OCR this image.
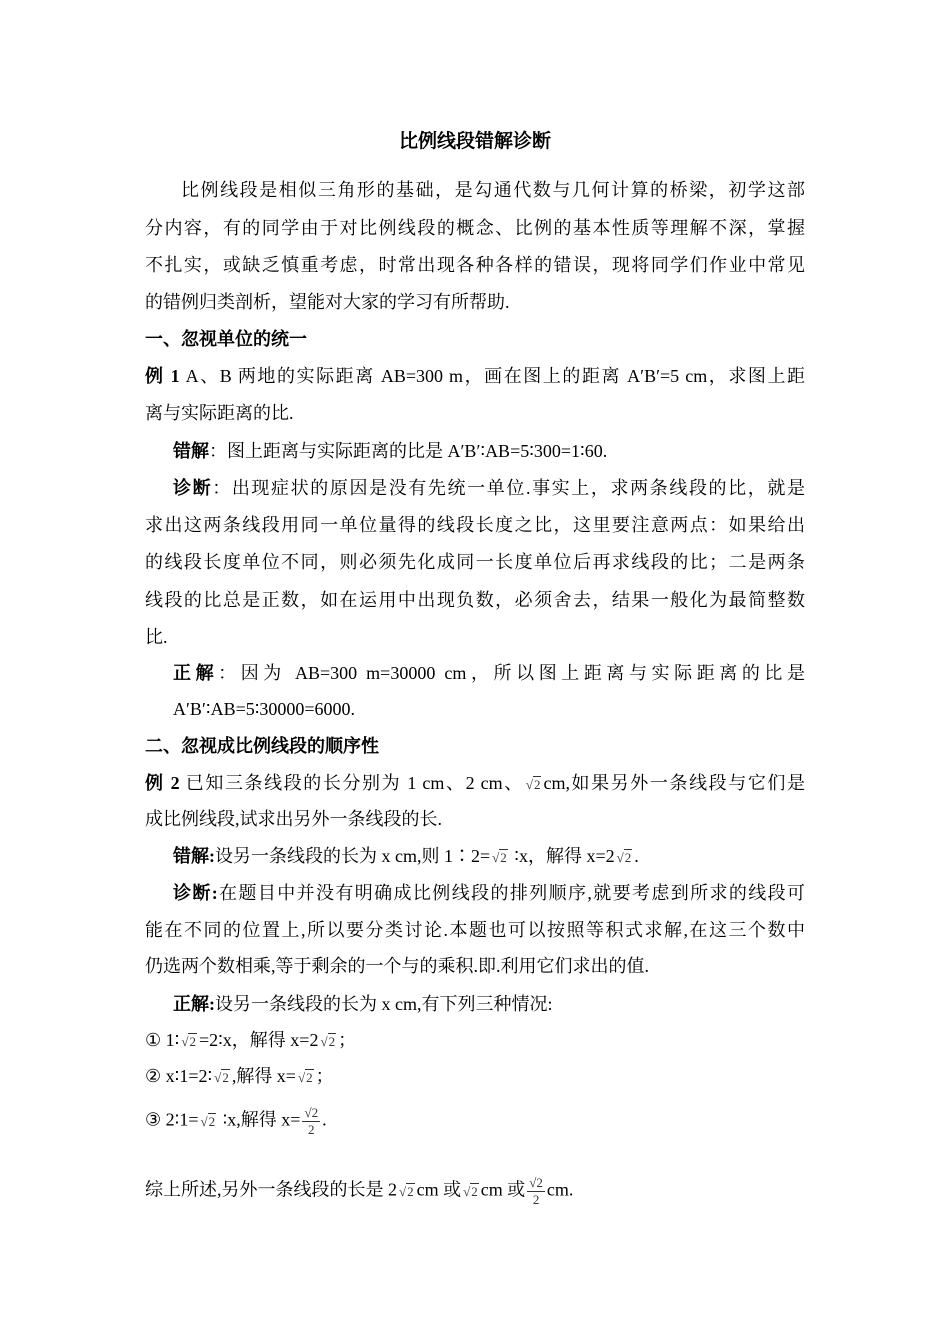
比例线段错解诊断
比例线段是相似三角形的基础，是勾通代数与几何计算的桥梁，初学这部
分内容，有的同学由于对比例线段的概念、比例的基本性质等理解不深，掌握
不扎实，或缺乏慎重考虑，时常出现各种各样的错误，现将同学们作业中常见
的错例归类剖析，望能对大家的学习有所帮助.
一、忽视单位的统一
例 1 A、B 两地的实际距离 AB=300 m，画在图上的距离 A′B′=5 cm，求图上距
离与实际距离的比.
错解：图上距离与实际距离的比是 A′B′∶AB=5∶300=1∶60.
诊断：出现症状的原因是没有先统一单位.事实上，求两条线段的比，就是
求出这两条线段用同一单位量得的线段长度之比，这里要注意两点：如果给出
的线段长度单位不同，则必须先化成同一长度单位后再求线段的比；二是两条
线段的比总是正数，如在运用中出现负数，必须舍去，结果一般化为最简整数
比.
正解：因为 AB=300 m=30000 cm，所以图上距离与实际距离的比是
A′B′∶AB=5∶30000=6000.
二、忽视成比例线段的顺序性
例 2 已知三条线段的长分别为 1 cm、2 cm、 √2 cm,如果另外一条线段与它们是
成比例线段,试求出另外一条线段的长.
错解:设另一条线段的长为 x cm,则 1∶2= √2 ∶x，解得 x=2 √2 .
诊断:在题目中并没有明确成比例线段的排列顺序,就要考虑到所求的线段可
能在不同的位置上,所以要分类讨论.本题也可以按照等积式求解,在这三个数中
仍选两个数相乘,等于剩余的一个与的乘积.即.利用它们求出的值.
正解:设另一条线段的长为 x cm,有下列三种情况:
① 1∶ √2 =2∶x，解得 x=2 √2 ；
② x∶1=2∶ √2 ,解得 x= √2 ；
③ 2∶1= √2 ∶x,解得 $x= \frac{√2}{2}$ .
综上所述,另外一条线段的长是 2 √2 cm 或 √2 cm 或 $\frac{√2}{2}$ cm.
